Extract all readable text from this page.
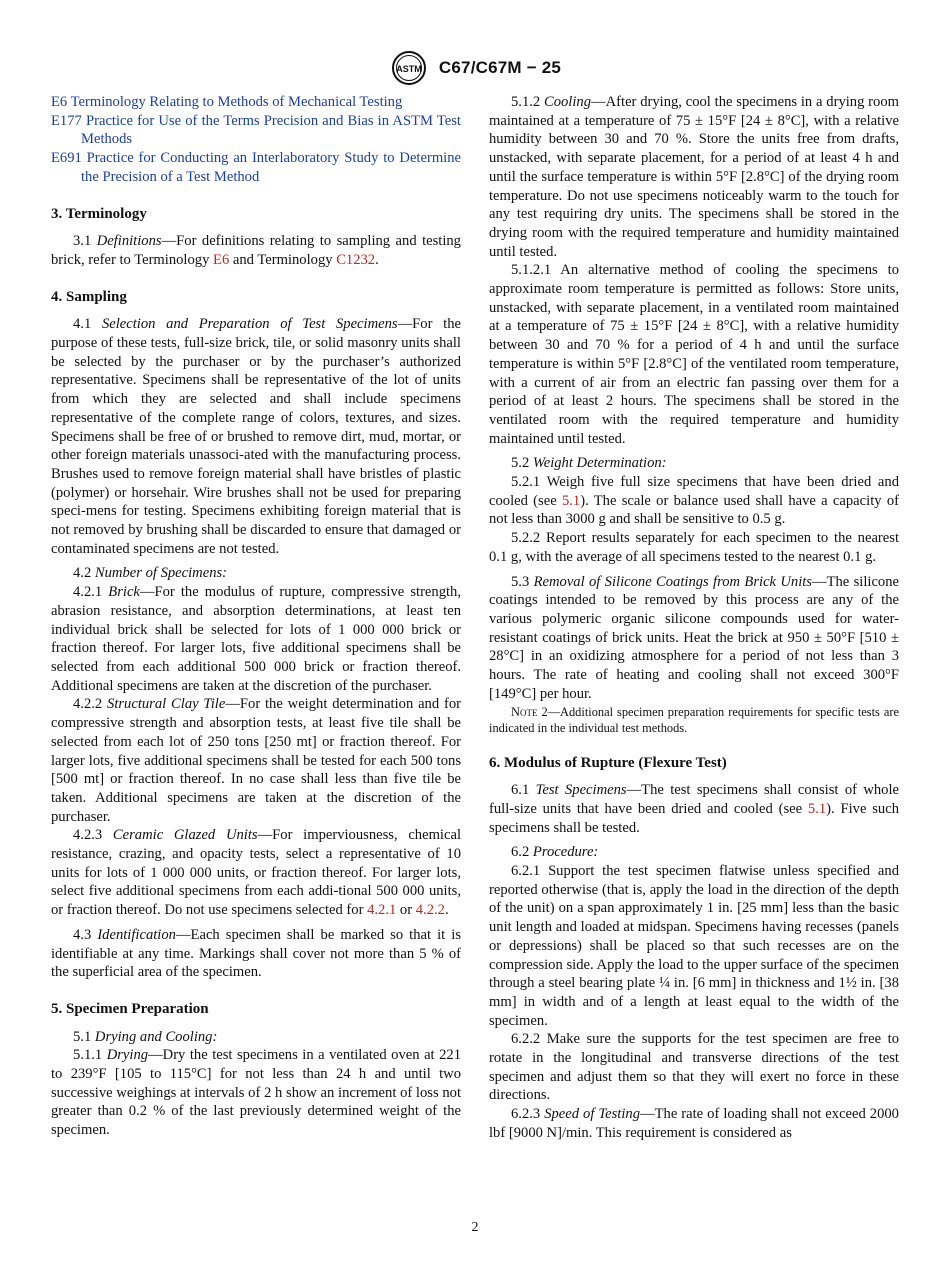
ASTM C67/C67M − 25

E6 Terminology Relating to Methods of Mechanical Testing

E177 Practice for Use of the Terms Precision and Bias in ASTM Test Methods

E691 Practice for Conducting an Interlaboratory Study to Determine the Precision of a Test Method

3. Terminology

3.1 Definitions—For definitions relating to sampling and testing brick, refer to Terminology E6 and Terminology C1232.

4. Sampling

4.1 Selection and Preparation of Test Specimens—For the purpose of these tests, full-size brick, tile, or solid masonry units shall be selected by the purchaser or by the purchaser’s authorized representative. Specimens shall be representative of the lot of units from which they are selected and shall include specimens representative of the complete range of colors, textures, and sizes. Specimens shall be free of or brushed to remove dirt, mud, mortar, or other foreign materials unassoci-ated with the manufacturing process. Brushes used to remove foreign material shall have bristles of plastic (polymer) or horsehair. Wire brushes shall not be used for preparing speci-mens for testing. Specimens exhibiting foreign material that is not removed by brushing shall be discarded to ensure that damaged or contaminated specimens are not tested.

4.2 Number of Specimens:

4.2.1 Brick—For the modulus of rupture, compressive strength, abrasion resistance, and absorption determinations, at least ten individual brick shall be selected for lots of 1 000 000 brick or fraction thereof. For larger lots, five additional specimens shall be selected from each additional 500 000 brick or fraction thereof. Additional specimens are taken at the discretion of the purchaser.

4.2.2 Structural Clay Tile—For the weight determination and for compressive strength and absorption tests, at least five tile shall be selected from each lot of 250 tons [250 mt] or fraction thereof. For larger lots, five additional specimens shall be tested for each 500 tons [500 mt] or fraction thereof. In no case shall less than five tile be taken. Additional specimens are taken at the discretion of the purchaser.

4.2.3 Ceramic Glazed Units—For imperviousness, chemical resistance, crazing, and opacity tests, select a representative of 10 units for lots of 1 000 000 units, or fraction thereof. For larger lots, select five additional specimens from each addi-tional 500 000 units, or fraction thereof. Do not use specimens selected for 4.2.1 or 4.2.2.

4.3 Identification—Each specimen shall be marked so that it is identifiable at any time. Markings shall cover not more than 5 % of the superficial area of the specimen.

5. Specimen Preparation

5.1 Drying and Cooling:

5.1.1 Drying—Dry the test specimens in a ventilated oven at 221 to 239°F [105 to 115°C] for not less than 24 h and until two successive weighings at intervals of 2 h show an increment of loss not greater than 0.2 % of the last previously determined weight of the specimen.

5.1.2 Cooling—After drying, cool the specimens in a drying room maintained at a temperature of 75 ± 15°F [24 ± 8°C], with a relative humidity between 30 and 70 %. Store the units free from drafts, unstacked, with separate placement, for a period of at least 4 h and until the surface temperature is within 5°F [2.8°C] of the drying room temperature. Do not use specimens noticeably warm to the touch for any test requiring dry units. The specimens shall be stored in the drying room with the required temperature and humidity maintained until tested.

5.1.2.1 An alternative method of cooling the specimens to approximate room temperature is permitted as follows: Store units, unstacked, with separate placement, in a ventilated room maintained at a temperature of 75 ± 15°F [24 ± 8°C], with a relative humidity between 30 and 70 % for a period of 4 h and until the surface temperature is within 5°F [2.8°C] of the ventilated room temperature, with a current of air from an electric fan passing over them for a period of at least 2 hours. The specimens shall be stored in the ventilated room with the required temperature and humidity maintained until tested.

5.2 Weight Determination:

5.2.1 Weigh five full size specimens that have been dried and cooled (see 5.1). The scale or balance used shall have a capacity of not less than 3000 g and shall be sensitive to 0.5 g.

5.2.2 Report results separately for each specimen to the nearest 0.1 g, with the average of all specimens tested to the nearest 0.1 g.

5.3 Removal of Silicone Coatings from Brick Units—The silicone coatings intended to be removed by this process are any of the various polymeric organic silicone compounds used for water-resistant coatings of brick units. Heat the brick at 950 ± 50°F [510 ± 28°C] in an oxidizing atmosphere for a period of not less than 3 hours. The rate of heating and cooling shall not exceed 300°F [149°C] per hour.

Note 2—Additional specimen preparation requirements for specific tests are indicated in the individual test methods.

6. Modulus of Rupture (Flexure Test)

6.1 Test Specimens—The test specimens shall consist of whole full-size units that have been dried and cooled (see 5.1). Five such specimens shall be tested.

6.2 Procedure:

6.2.1 Support the test specimen flatwise unless specified and reported otherwise (that is, apply the load in the direction of the depth of the unit) on a span approximately 1 in. [25 mm] less than the basic unit length and loaded at midspan. Specimens having recesses (panels or depressions) shall be placed so that such recesses are on the compression side. Apply the load to the upper surface of the specimen through a steel bearing plate ¼ in. [6 mm] in thickness and 1½ in. [38 mm] in width and of a length at least equal to the width of the specimen.

6.2.2 Make sure the supports for the test specimen are free to rotate in the longitudinal and transverse directions of the test specimen and adjust them so that they will exert no force in these directions.

6.2.3 Speed of Testing—The rate of loading shall not exceed 2000 lbf [9000 N]/min. This requirement is considered as

2
